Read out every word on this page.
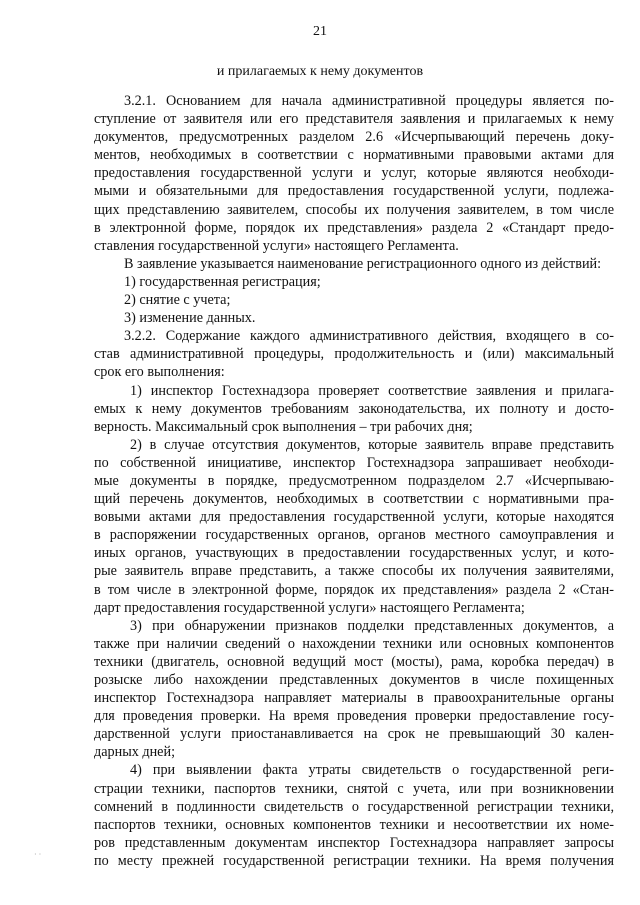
21
и прилагаемых к нему документов
3.2.1. Основанием для начала административной процедуры является по-
ступление от заявителя или его представителя заявления и прилагаемых к нему
документов, предусмотренных разделом 2.6 «Исчерпывающий перечень доку-
ментов, необходимых в соответствии с нормативными правовыми актами для
предоставления государственной услуги и услуг, которые являются необходи-
мыми и обязательными для предоставления государственной услуги, подлежа-
щих представлению заявителем, способы их получения заявителем, в том числе
в электронной форме, порядок их представления» раздела 2 «Стандарт предо-
ставления государственной услуги» настоящего Регламента.
В заявление указывается наименование регистрационного одного из действий:
1) государственная регистрация;
2) снятие с учета;
3) изменение данных.
3.2.2. Содержание каждого административного действия, входящего в со-
став административной процедуры, продолжительность и (или) максимальный
срок его выполнения:
1) инспектор Гостехнадзора проверяет соответствие заявления и прилага-
емых к нему документов требованиям законодательства, их полноту и досто-
верность. Максимальный срок выполнения – три рабочих дня;
2) в случае отсутствия документов, которые заявитель вправе представить
по собственной инициативе, инспектор Гостехнадзора запрашивает необходи-
мые документы в порядке, предусмотренном подразделом 2.7 «Исчерпываю-
щий перечень документов, необходимых в соответствии с нормативными пра-
вовыми актами для предоставления государственной услуги, которые находятся
в распоряжении государственных органов, органов местного самоуправления и
иных органов, участвующих в предоставлении государственных услуг, и кото-
рые заявитель вправе представить, а также способы их получения заявителями,
в том числе в электронной форме, порядок их представления» раздела 2 «Стан-
дарт предоставления государственной услуги» настоящего Регламента;
3) при обнаружении признаков подделки представленных документов, а
также при наличии сведений о нахождении техники или основных компонентов
техники (двигатель, основной ведущий мост (мосты), рама, коробка передач) в
розыске либо нахождении представленных документов в числе похищенных
инспектор Гостехнадзора направляет материалы в правоохранительные органы
для проведения проверки. На время проведения проверки предоставление госу-
дарственной услуги приостанавливается на срок не превышающий 30 кален-
дарных дней;
4) при выявлении факта утраты свидетельств о государственной реги-
страции техники, паспортов техники, снятой с учета, или при возникновении
сомнений в подлинности свидетельств о государственной регистрации техники,
паспортов техники, основных компонентов техники и несоответствии их номе-
ров представленным документам инспектор Гостехнадзора направляет запросы
по месту прежней государственной регистрации техники. На время получения
· ·
